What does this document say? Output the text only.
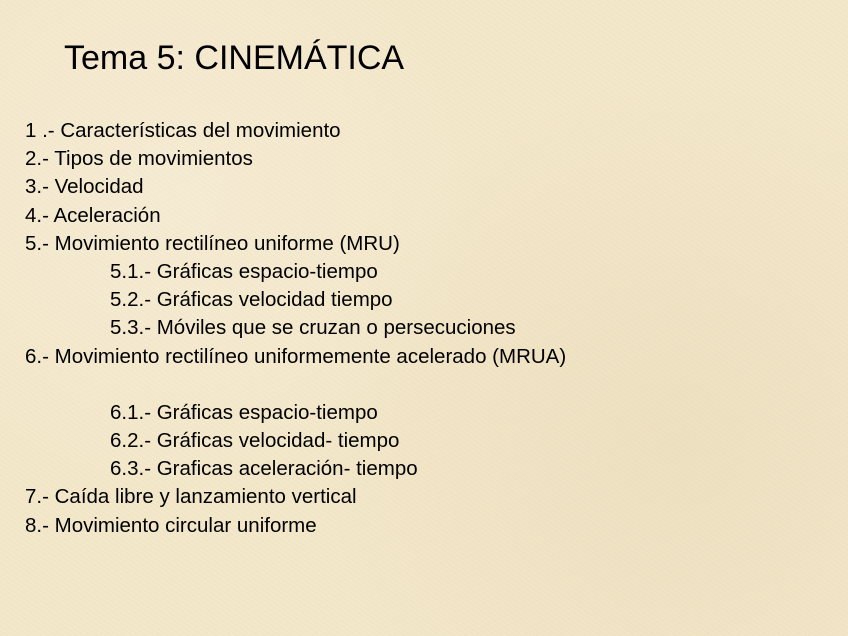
Tema 5: CINEMÁTICA
1 .- Características del movimiento
2.- Tipos de movimientos
3.- Velocidad
4.- Aceleración
5.- Movimiento rectilíneo uniforme (MRU)
5.1.- Gráficas espacio-tiempo
5.2.- Gráficas velocidad tiempo
5.3.- Móviles que se cruzan o persecuciones
6.- Movimiento rectilíneo uniformemente acelerado (MRUA)
6.1.- Gráficas espacio-tiempo
6.2.- Gráficas velocidad- tiempo
6.3.- Graficas aceleración- tiempo
7.- Caída libre y lanzamiento vertical
8.- Movimiento circular uniforme
